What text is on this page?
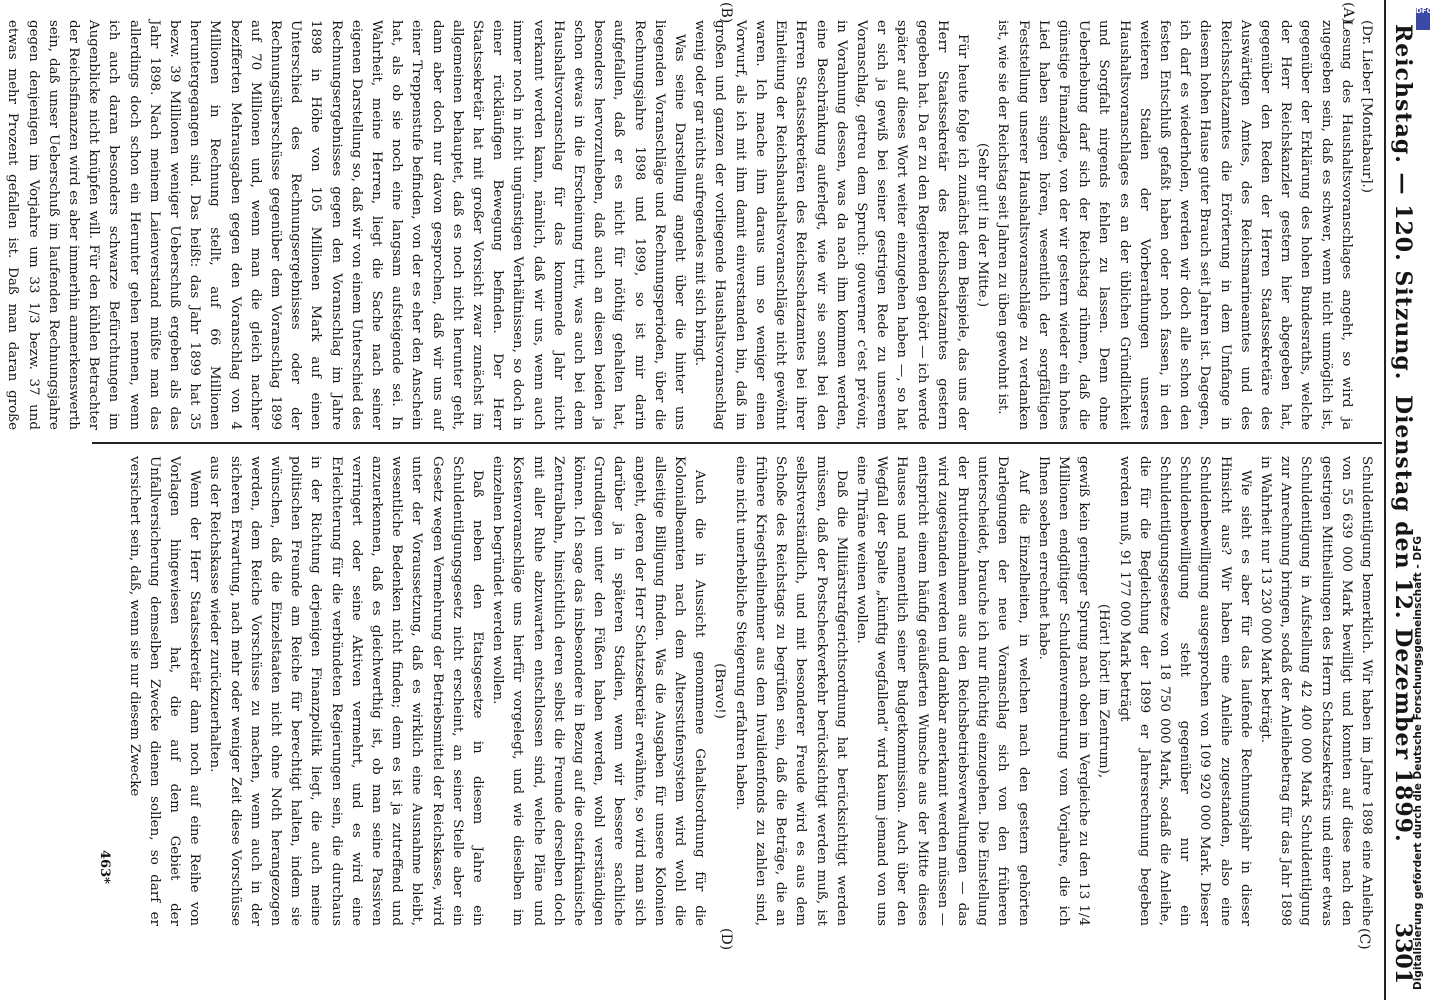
Reichstag. — 120. Sitzung.
Dienstag den 12. Dezember 1899.
3301
(A)
(B)
(C)
(D)

(Dr. Lieber [Montabaur].)

Lesung des Haushaltsvoranschlages angeht, so wird ja zugegeben sein, daß es schwer, wenn nicht unmöglich ist, gegenüber der Erklärung des hohen Bundesraths, welche der Herr Reichskanzler gestern hier abgegeben hat, gegenüber den Reden der Herren Staatssekretäre des Auswärtigen Amtes, des Reichsmarineamtes und des Reichsschatzamtes die Erörterung in dem Umfange in diesem hohen Hause guter Brauch seit Jahren ist. Dagegen, ich darf es wiederholen, werden wir doch alle schon den festen Entschluß gefaßt haben oder noch fassen, in den weiteren Stadien der Vorberathungen unseres Haushaltsvoranschlages es an der üblichen Gründlichkeit und Sorgfalt nirgends fehlen zu lassen. Denn ohne Ueberhebung darf sich der Reichstag rühmen, daß die günstige Finanzlage, von der wir gestern wieder ein hohes Lied haben singen hören, wesentlich der sorgfältigen Feststellung unserer Haushaltsvoranschläge zu verdanken ist, wie sie der Reichstag seit Jahren zu üben gewohnt ist.

(Sehr gut! in der Mitte.)

Für heute folge ich zunächst dem Beispiele, das uns der Herr Staatssekretär des Reichsschatzamtes gestern gegeben hat. Da er zu den Regierenden gehört — ich werde später auf dieses Wort weiter einzugehen haben —, so hat er sich ja gewiß bei seiner gestrigen Rede zu unserem Voranschlag, getreu dem Spruch: gouverner c'est prévoir, in Vorahnung dessen, was da nach ihm kommen werden, eine Beschränkung auferlegt, wie wir sie sonst bei den Herren Staatssekretären des Reichsschatzamtes bei ihrer Einleitung der Reichshaushaltsvoranschläge nicht gewöhnt waren. Ich mache ihm daraus um so weniger einen Vorwurf, als ich mit ihm damit einverstanden bin, daß im großen und ganzen der vorliegende Haushaltsvoranschlag wenig oder gar nichts aufregendes mit sich bringt.

Was seine Darstellung angeht über die hinter uns liegenden Voranschläge und Rechnungsperioden, über die Rechnungsjahre 1898 und 1899, so ist mir darin aufgefallen, daß er es nicht für nöthig gehalten hat, besonders hervorzuheben, daß auch an diesen beiden ja schon etwas in die Erscheinung tritt, was auch bei dem Haushaltsvoranschlag für das kommende Jahr nicht verkannt werden kann, nämlich, daß wir uns, wenn auch immer noch in nicht ungünstigen Verhältnissen, so doch in einer rückläufigen Bewegung befinden. Der Herr Staatssekretär hat mit großer Vorsicht zwar zunächst im allgemeinen behauptet, daß es noch nicht herunter geht, dann aber doch nur davon gesprochen, daß wir uns auf einer Treppenstufe befinden, von der es eher den Anschein hat, als ob sie noch eine langsam aufsteigende sei. In Wahrheit, meine Herren, liegt die Sache nach seiner eigenen Darstellung so, daß wir von einem Unterschied des Rechnungsergebnisses gegen den Voranschlag im Jahre 1898 in Höhe von 105 Millionen Mark auf einen Unterschied des Rechnungsergebnisses oder der Rechnungsüberschüsse gegenüber dem Voranschlag 1899 auf 70 Millionen und, wenn man die gleich nachher bezifferten Mehrausgaben gegen den Voranschlag von 4 Millionen in Rechnung stellt, auf 66 Millionen heruntergegangen sind. Das heißt: das Jahr 1899 hat 35 bezw. 39 Millionen weniger Ueberschuß ergeben als das Jahr 1898. Nach meinem Laienverstand müßte man das allerdings doch schon ein Herunter gehen nennen, wenn ich auch daran besonders schwarze Befürchtungen im Augenblicke nicht knüpfen will. Für den kühlen Betrachter der Reichsfinanzen wird es aber immerhin anmerkenswerth sein, daß unser Ueberschuß im laufenden Rechnungsjahre gegen denjenigen im Vorjahre um 33 1/3 bezw. 37 und etwas mehr Prozent gefallen ist. Daß man daran große

Schuldentilgung bemerklich. Wir haben im Jahre 1898 eine Anleihe von 55 639 000 Mark bewilligt und konnten auf diese nach den gestrigen Mittheilungen des Herrn Schatzsekretärs und einer etwas Schuldentilgung in Aufstellung 42 400 000 Mark Schuldentilgung zur Anrechnung bringen, sodaß der Anleihebetrag für das Jahr 1898 in Wahrheit nur 13 230 000 Mark beträgt.

Wie sieht es aber für das laufende Rechnungsjahr in dieser Hinsicht aus? Wir haben eine Anleihe zugestanden, also eine Schuldenbewilligung ausgesprochen von 109 920 000 Mark. Dieser Schuldenbewilligung steht gegenüber nur ein Schuldentilgungsgesetze von 18 750 000 Mark, sodaß die Anleihe, die für die Begleichung der 1899 er Jahresrechnung begeben werden muß, 91 177 000 Mark beträgt

(Hört! hört! im Zentrum),

gewiß kein geringer Sprung nach oben im Vergleiche zu den 13 1/4 Millionen endgiltiger Schuldenvermehrung vom Vorjahre, die ich Ihnen soeben errechnet habe.

Auf die Einzelheiten, in welchen nach den gestern gehörten Darlegungen der neue Voranschlag sich von den früheren unterscheidet, brauche ich nur flüchtig einzugehen. Die Einstellung der Bruttoeinnahmen aus den Reichsbetriebsverwaltungen — das wird zugestanden werden und dankbar anerkannt werden müssen — entspricht einem häufig geäußerten Wunsche aus der Mitte dieses Hauses und namentlich seiner Budgetkommission. Auch über den Wegfall der Spalte „künftig wegfallend“ wird kaum jemand von uns eine Thräne weinen wollen.

Daß die Militärstrafgerichtsordnung hat berücksichtigt werden müssen, daß der Postscheckverkehr berücksichtigt werden muß, ist selbstverständlich, und mit besonderer Freude wird es aus dem Schoße des Reichstags zu begrüßen sein, daß die Beträge, die an frühere Kriegstheilnehmer aus dem Invalidenfonds zu zahlen sind, eine nicht unerhebliche Steigerung erfahren haben.

(Bravo!)

Auch die in Aussicht genommene Gehaltsordnung für die Kolonialbeamten nach dem Altersstufensystem wird wohl die allseitige Billigung finden. Was die Ausgaben für unsere Kolonien angeht, deren der Herr Schatzsekretär erwähnte, so wird man sich darüber ja in späteren Stadien, wenn wir bessere sachliche Grundlagen unter den Füßen haben werden, wohl verständigen können. Ich sage das insbesondere in Bezug auf die ostafrikanische Zentralbahn, hinsichtlich deren selbst die Freunde derselben doch mit aller Ruhe abzuwarten entschlossen sind, welche Pläne und Kostenvoranschläge uns hierfür vorgelegt, und wie dieselben im einzelnen begründet werden wollen.

Daß neben den Etatsgesetze in diesem Jahre ein Schuldentilgungsgesetz nicht erscheint, an seiner Stelle aber ein Gesetz wegen Vermehrung der Betriebsmittel der Reichskasse, wird unter der Voraussetzung, daß es wirklich eine Ausnahme bleibt, wesentliche Bedenken nicht finden; denn es ist ja zutreffend und anzuerkennen, daß es gleichwerthig ist, ob man seine Passiven verringert oder seine Aktiven vermehrt, und es wird eine Erleichterung für die verbündeten Regierungen sein, die durchaus in der Richtung derjenigen Finanzpolitik liegt, die auch meine politischen Freunde am Reiche für berechtigt halten, indem sie wünschen, daß die Einzelstaaten nicht ohne Noth herangezogen werden, dem Reiche Vorschüsse zu machen, wenn auch in der sicheren Erwartung, nach mehr oder weniger Zeit diese Vorschüsse aus der Reichskasse wieder zurückzuerhalten.

Wenn der Herr Staatssekretär dann noch auf eine Reihe von Vorlagen hingewiesen hat, die auf dem Gebiet der Unfallversicherung demselben Zwecke dienen sollen, so darf er versichert sein, daß, wenn sie nur diesem Zwecke

463*
DFG
Digitalisierung gefördert durch die Deutsche Forschungsgemeinschaft - DFG
